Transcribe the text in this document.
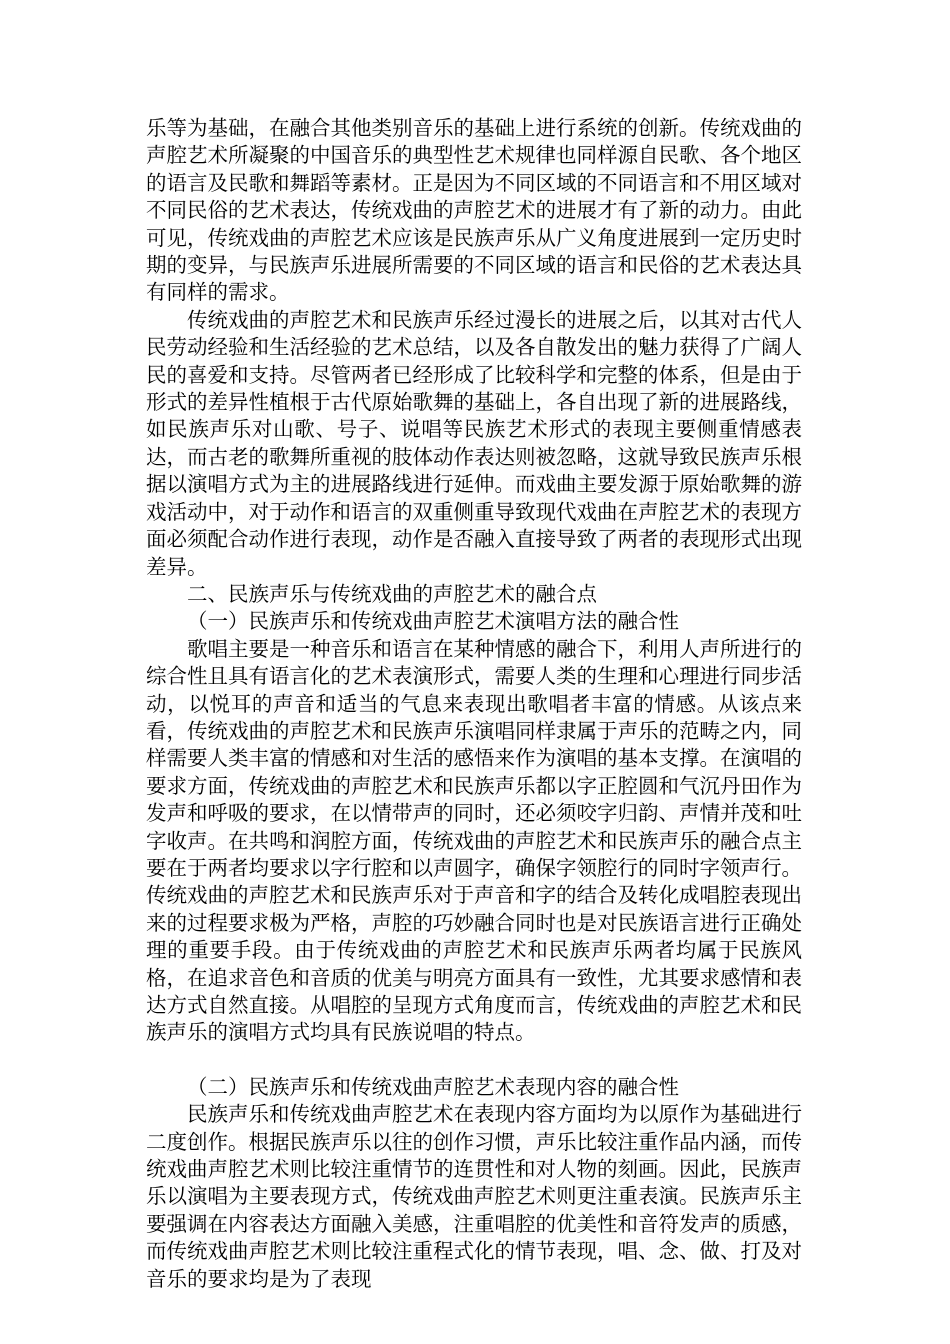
乐等为基础，在融合其他类别音乐的基础上进行系统的创新。传统戏曲的声腔艺术所凝聚的中国音乐的典型性艺术规律也同样源自民歌、各个地区的语言及民歌和舞蹈等素材。正是因为不同区域的不同语言和不用区域对不同民俗的艺术表达，传统戏曲的声腔艺术的进展才有了新的动力。由此可见，传统戏曲的声腔艺术应该是民族声乐从广义角度进展到一定历史时期的变异，与民族声乐进展所需要的不同区域的语言和民俗的艺术表达具有同样的需求。

传统戏曲的声腔艺术和民族声乐经过漫长的进展之后，以其对古代人民劳动经验和生活经验的艺术总结，以及各自散发出的魅力获得了广阔人民的喜爱和支持。尽管两者已经形成了比较科学和完整的体系，但是由于形式的差异性植根于古代原始歌舞的基础上，各自出现了新的进展路线，如民族声乐对山歌、号子、说唱等民族艺术形式的表现主要侧重情感表达，而古老的歌舞所重视的肢体动作表达则被忽略，这就导致民族声乐根据以演唱方式为主的进展路线进行延伸。而戏曲主要发源于原始歌舞的游戏活动中，对于动作和语言的双重侧重导致现代戏曲在声腔艺术的表现方面必须配合动作进行表现，动作是否融入直接导致了两者的表现形式出现差异。

二、民族声乐与传统戏曲的声腔艺术的融合点

（一）民族声乐和传统戏曲声腔艺术演唱方法的融合性

歌唱主要是一种音乐和语言在某种情感的融合下，利用人声所进行的综合性且具有语言化的艺术表演形式，需要人类的生理和心理进行同步活动，以悦耳的声音和适当的气息来表现出歌唱者丰富的情感。从该点来看，传统戏曲的声腔艺术和民族声乐演唱同样隶属于声乐的范畴之内，同样需要人类丰富的情感和对生活的感悟来作为演唱的基本支撑。在演唱的要求方面，传统戏曲的声腔艺术和民族声乐都以字正腔圆和气沉丹田作为发声和呼吸的要求，在以情带声的同时，还必须咬字归韵、声情并茂和吐字收声。在共鸣和润腔方面，传统戏曲的声腔艺术和民族声乐的融合点主要在于两者均要求以字行腔和以声圆字，确保字领腔行的同时字领声行。传统戏曲的声腔艺术和民族声乐对于声音和字的结合及转化成唱腔表现出来的过程要求极为严格，声腔的巧妙融合同时也是对民族语言进行正确处理的重要手段。由于传统戏曲的声腔艺术和民族声乐两者均属于民族风格，在追求音色和音质的优美与明亮方面具有一致性，尤其要求感情和表达方式自然直接。从唱腔的呈现方式角度而言，传统戏曲的声腔艺术和民族声乐的演唱方式均具有民族说唱的特点。

（二）民族声乐和传统戏曲声腔艺术表现内容的融合性

民族声乐和传统戏曲声腔艺术在表现内容方面均为以原作为基础进行二度创作。根据民族声乐以往的创作习惯，声乐比较注重作品内涵，而传统戏曲声腔艺术则比较注重情节的连贯性和对人物的刻画。因此，民族声乐以演唱为主要表现方式，传统戏曲声腔艺术则更注重表演。民族声乐主要强调在内容表达方面融入美感，注重唱腔的优美性和音符发声的质感，而传统戏曲声腔艺术则比较注重程式化的情节表现，唱、念、做、打及对音乐的要求均是为了表现
